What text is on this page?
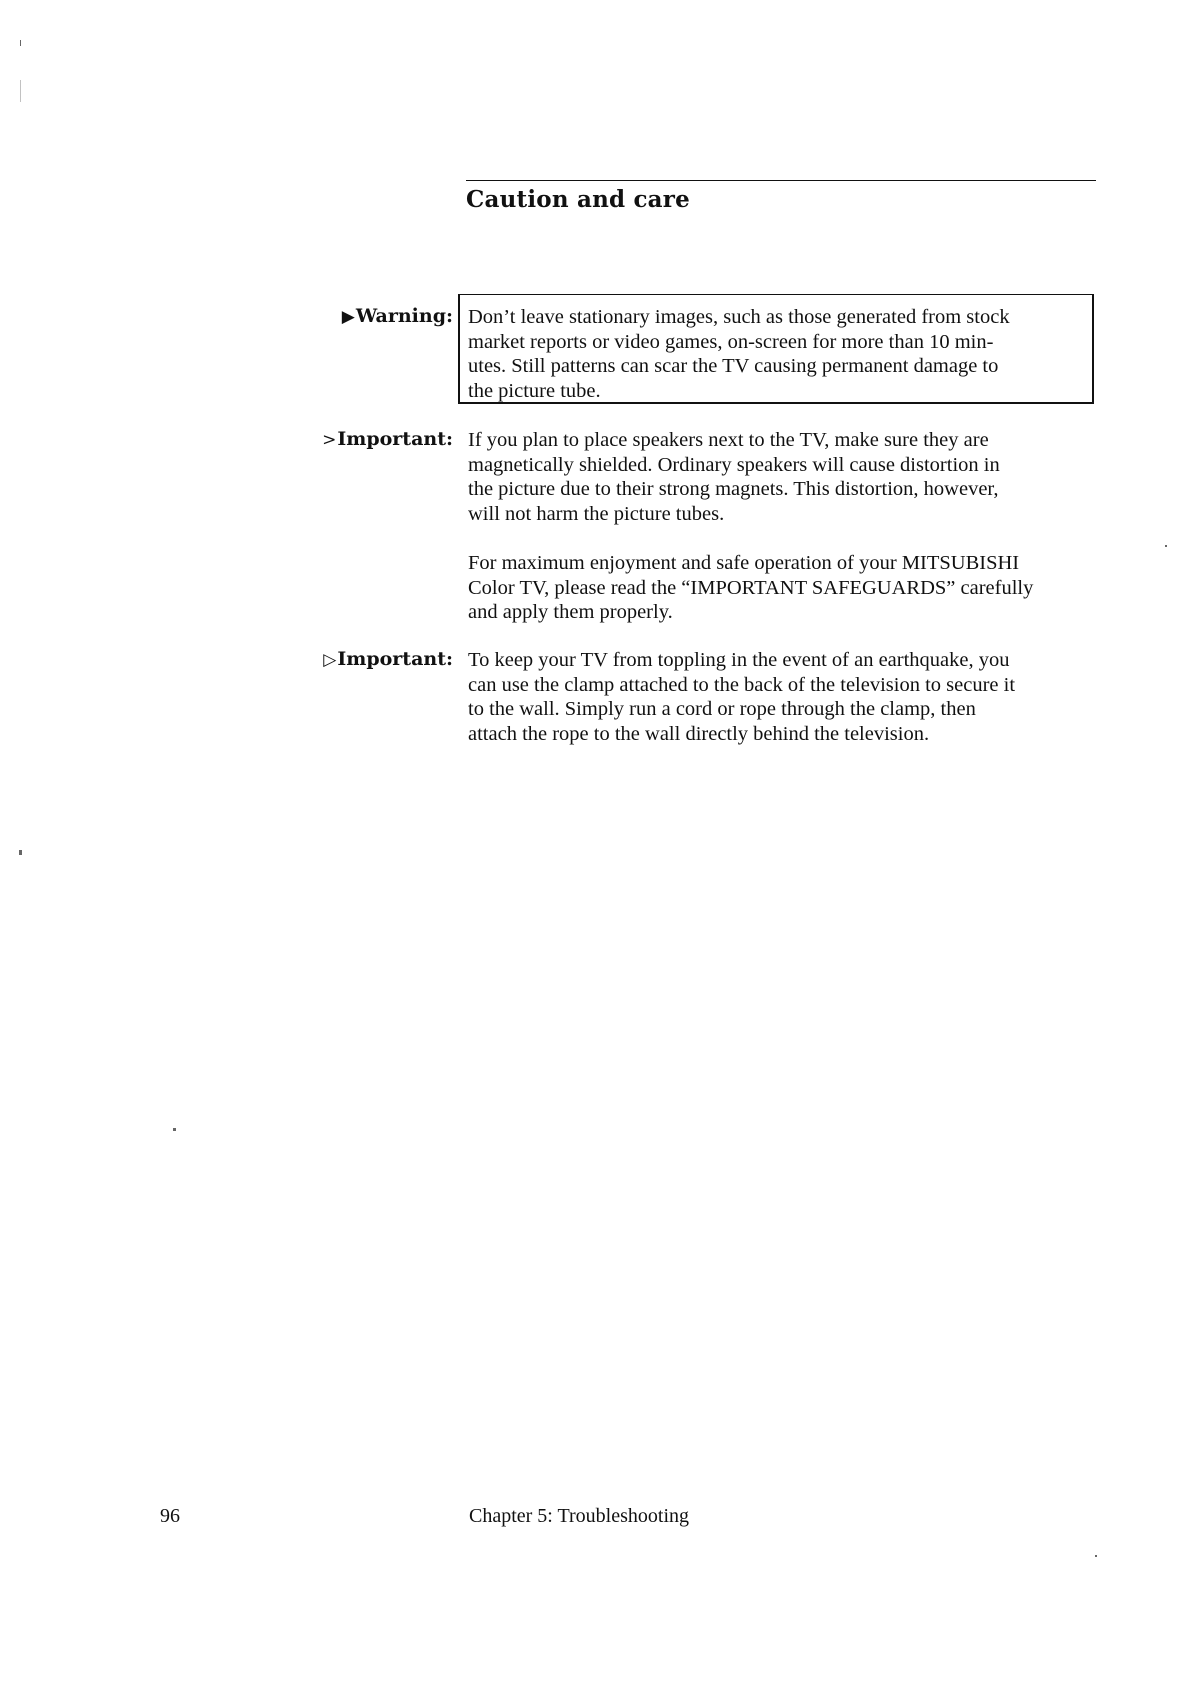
Caution and care
▶Warning: Don’t leave stationary images, such as those generated from stock

market reports or video games, on-screen for more than 10 min-

utes. Still patterns can scar the TV causing permanent damage to

the picture tube.

>Important: If you plan to place speakers next to the TV, make sure they are

magnetically shielded. Ordinary speakers will cause distortion in

the picture due to their strong magnets. This distortion, however,

will not harm the picture tubes.

For maximum enjoyment and safe operation of your MITSUBISHI

Color TV, please read the “IMPORTANT SAFEGUARDS” carefully

and apply them properly.

▷Important: To keep your TV from toppling in the event of an earthquake, you

can use the clamp attached to the back of the television to secure it

to the wall. Simply run a cord or rope through the clamp, then

attach the rope to the wall directly behind the television.

96	Chapter 5: Troubleshooting
